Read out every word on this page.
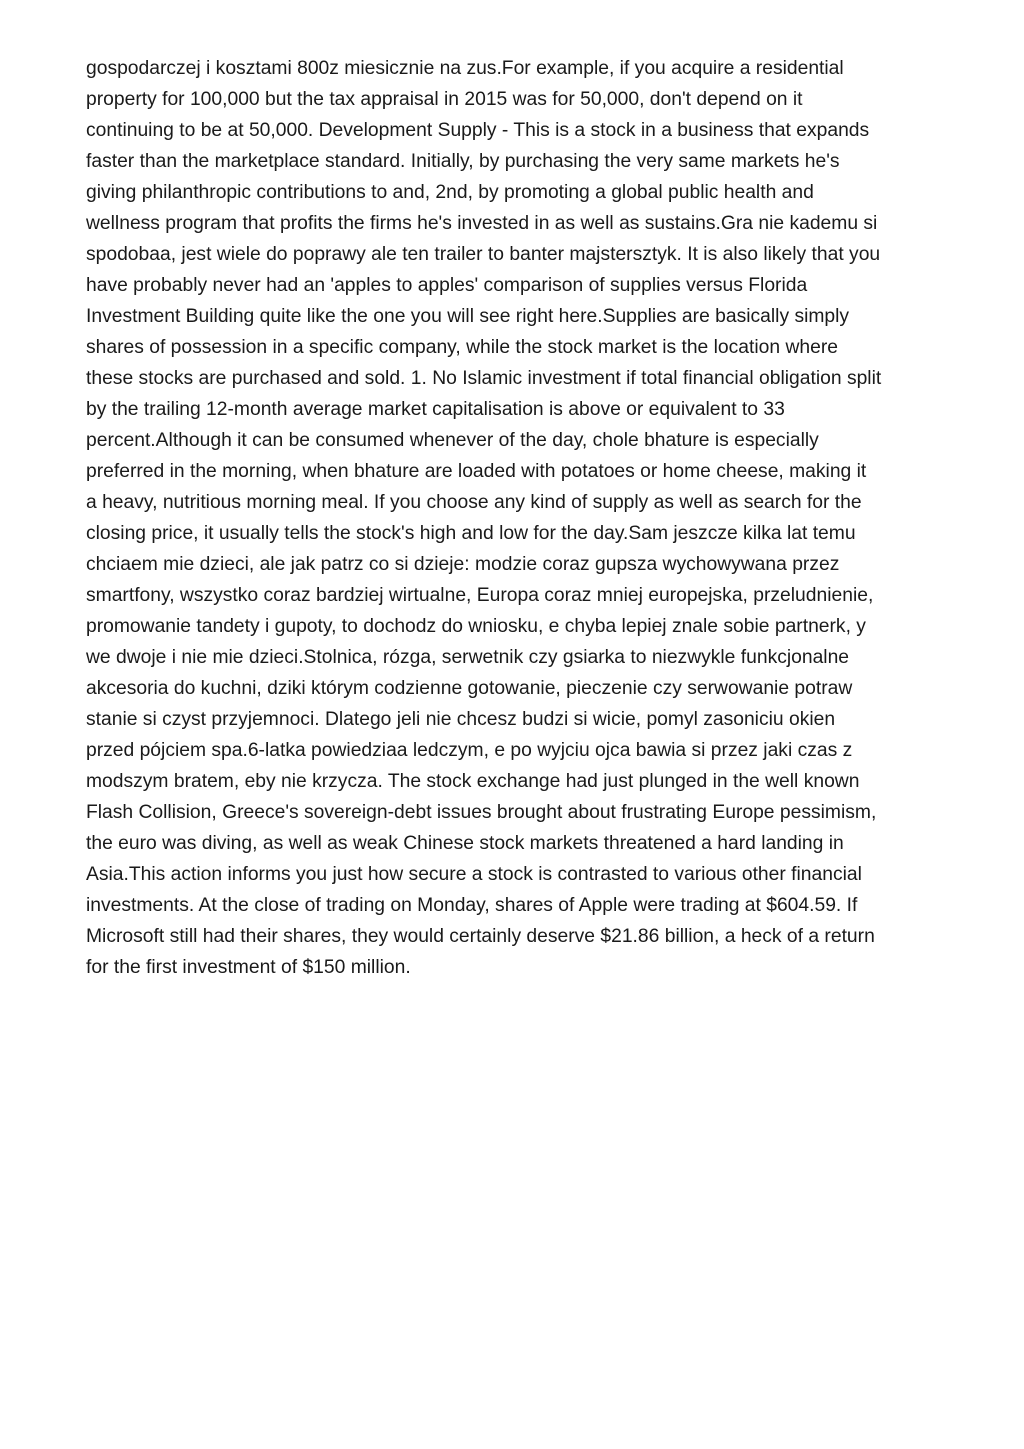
gospodarczej i kosztami 800z miesicznie na zus.For example, if you acquire a residential
property for 100,000 but the tax appraisal in 2015 was for 50,000, don't depend on it
continuing to be at 50,000. Development Supply - This is a stock in a business that expands
faster than the marketplace standard. Initially, by purchasing the very same markets he's
giving philanthropic contributions to and, 2nd, by promoting a global public health and
wellness program that profits the firms he's invested in as well as sustains.Gra nie kademu si
spodobaa, jest wiele do poprawy ale ten trailer to banter majstersztyk. It is also likely that you
have probably never had an 'apples to apples' comparison of supplies versus Florida
Investment Building quite like the one you will see right here.Supplies are basically simply
shares of possession in a specific company, while the stock market is the location where
these stocks are purchased and sold. 1. No Islamic investment if total financial obligation split
by the trailing 12-month average market capitalisation is above or equivalent to 33
percent.Although it can be consumed whenever of the day, chole bhature is especially
preferred in the morning, when bhature are loaded with potatoes or home cheese, making it
a heavy, nutritious morning meal. If you choose any kind of supply as well as search for the
closing price, it usually tells the stock's high and low for the day.Sam jeszcze kilka lat temu
chciaem mie dzieci, ale jak patrz co si dzieje: modzie coraz gupsza wychowywana przez
smartfony, wszystko coraz bardziej wirtualne, Europa coraz mniej europejska, przeludnienie,
promowanie tandety i gupoty, to dochodz do wniosku, e chyba lepiej znale sobie partnerk, y
we dwoje i nie mie dzieci.Stolnica, rózga, serwetnik czy gsiarka to niezwykle funkcjonalne
akcesoria do kuchni, dziki którym codzienne gotowanie, pieczenie czy serwowanie potraw
stanie si czyst przyjemnoci. Dlatego jeli nie chcesz budzi si wicie, pomyl zasoniciu okien
przed pójciem spa.6-latka powiedziaa ledczym, e po wyjciu ojca bawia si przez jaki czas z
modszym bratem, eby nie krzycza. The stock exchange had just plunged in the well known
Flash Collision, Greece's sovereign-debt issues brought about frustrating Europe pessimism,
the euro was diving, as well as weak Chinese stock markets threatened a hard landing in
Asia.This action informs you just how secure a stock is contrasted to various other financial
investments. At the close of trading on Monday, shares of Apple were trading at $604.59. If
Microsoft still had their shares, they would certainly deserve $21.86 billion, a heck of a return
for the first investment of $150 million.
